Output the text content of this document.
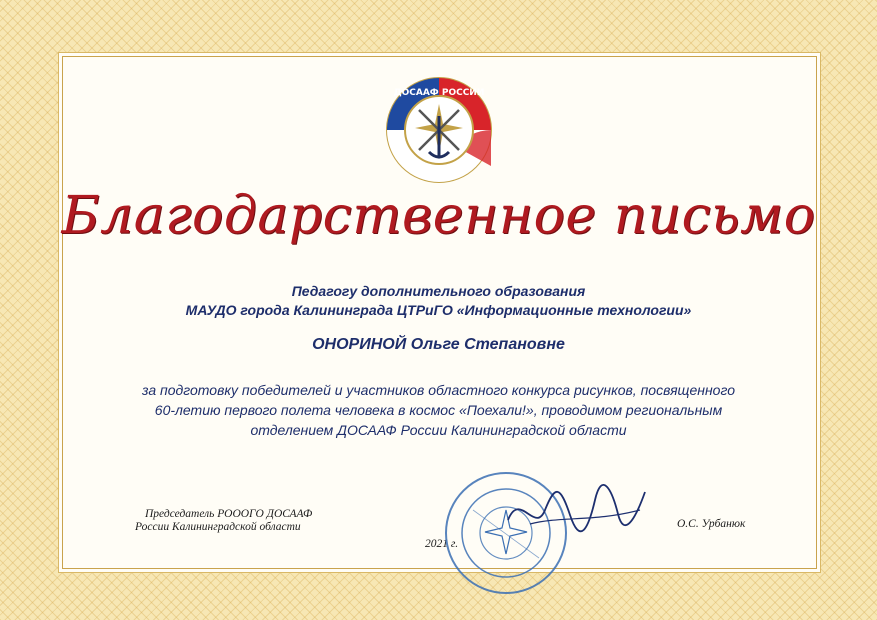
ДОСААФ РОССИИ
Благодарственное письмо
Педагогу дополнительного образования
МАУДО города Калининграда ЦТРиГО «Информационные технологии»
ОНОРИНОЙ Ольге Степановне
за подготовку победителей и участников областного конкурса рисунков, посвященного
60-летию первого полета человека в космос «Поехали!», проводимом региональным
отделением ДОСААФ России Калининградской области
Председатель РОООГО ДОСААФ
России Калининградской области
2021 г.
О.С. Урбанюк
